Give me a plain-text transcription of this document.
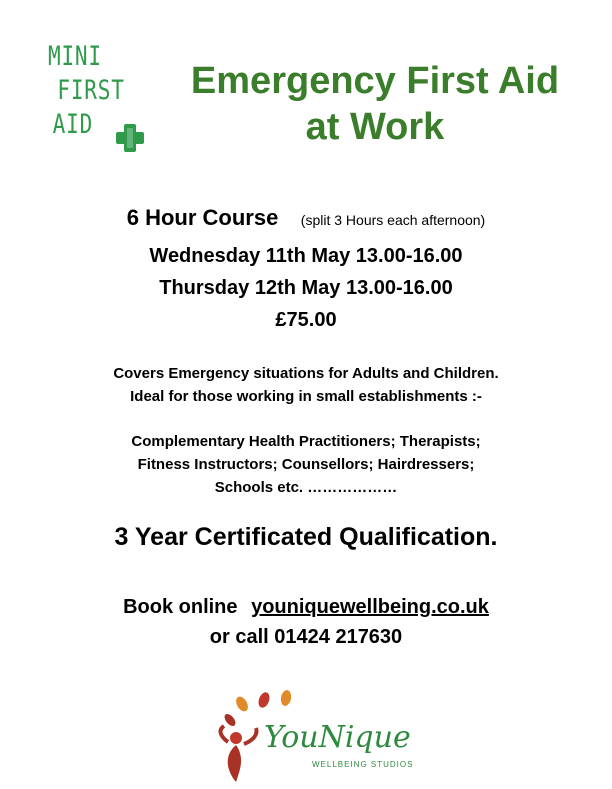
MINI
FIRST
AID
Emergency First Aid
at Work
6 Hour Course (split 3 Hours each afternoon)
Wednesday 11th May 13.00-16.00
Thursday 12th May 13.00-16.00
£75.00
Covers Emergency situations for Adults and Children.
Ideal for those working in small establishments :-
Complementary Health Practitioners; Therapists;
Fitness Instructors; Counsellors; Hairdressers;
Schools etc. ………………
3 Year Certificated Qualification.
Book online youniquewellbeing.co.uk
or call 01424 217630
YouNique
WELLBEING STUDIOS
